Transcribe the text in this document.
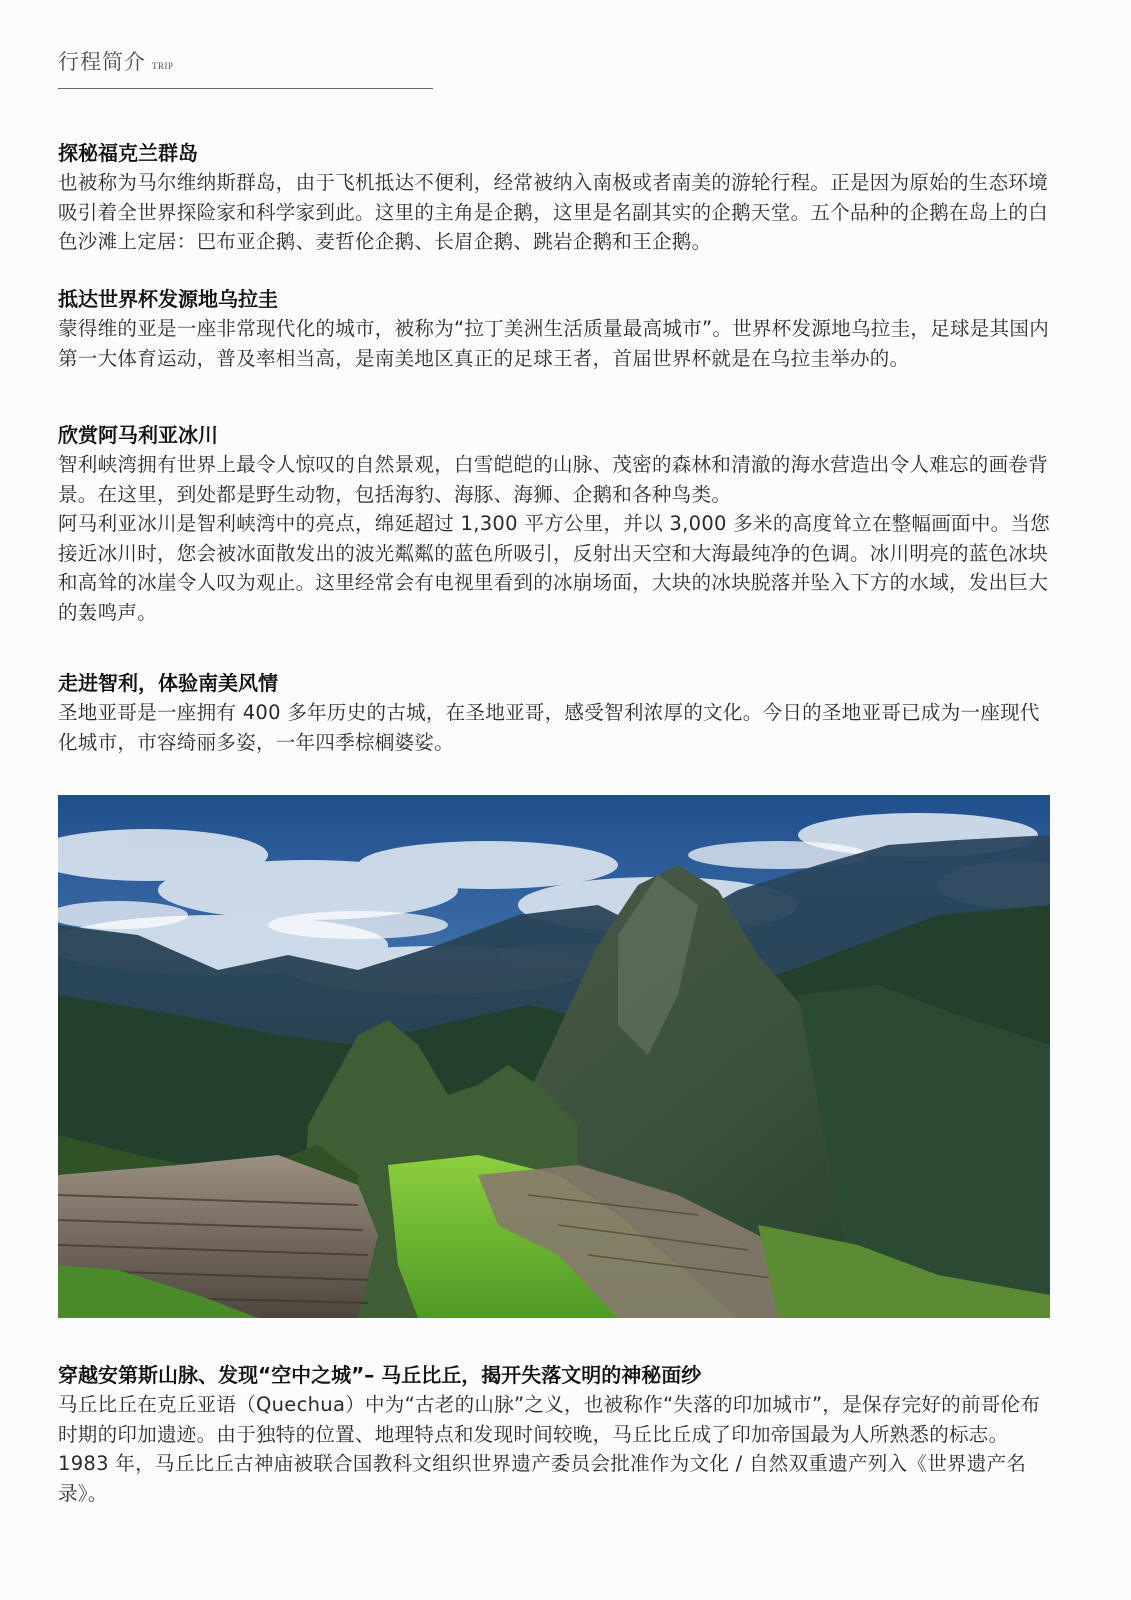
行程简介 TRIP
探秘福克兰群岛

也被称为马尔维纳斯群岛，由于飞机抵达不便利，经常被纳入南极或者南美的游轮行程。正是因为原始的生态环境吸引着全世界探险家和科学家到此。这里的主角是企鹅，这里是名副其实的企鹅天堂。五个品种的企鹅在岛上的白色沙滩上定居：巴布亚企鹅、麦哲伦企鹅、长眉企鹅、跳岩企鹅和王企鹅。

抵达世界杯发源地乌拉圭

蒙得维的亚是一座非常现代化的城市，被称为“拉丁美洲生活质量最高城市”。世界杯发源地乌拉圭，足球是其国内第一大体育运动，普及率相当高，是南美地区真正的足球王者，首届世界杯就是在乌拉圭举办的。

欣赏阿马利亚冰川

智利峡湾拥有世界上最令人惊叹的自然景观，白雪皑皑的山脉、茂密的森林和清澈的海水营造出令人难忘的画卷背景。在这里，到处都是野生动物，包括海豹、海豚、海狮、企鹅和各种鸟类。

阿马利亚冰川是智利峡湾中的亮点，绵延超过 1,300 平方公里，并以 3,000 多米的高度耸立在整幅画面中。当您接近冰川时，您会被冰面散发出的波光粼粼的蓝色所吸引，反射出天空和大海最纯净的色调。冰川明亮的蓝色冰块和高耸的冰崖令人叹为观止。这里经常会有电视里看到的冰崩场面，大块的冰块脱落并坠入下方的水域，发出巨大的轰鸣声。

走进智利，体验南美风情

圣地亚哥是一座拥有 400 多年历史的古城，在圣地亚哥，感受智利浓厚的文化。今日的圣地亚哥已成为一座现代化城市，市容绮丽多姿，一年四季棕榈婆娑。

穿越安第斯山脉、发现“空中之城”– 马丘比丘，揭开失落文明的神秘面纱

马丘比丘在克丘亚语（Quechua）中为“古老的山脉”之义，也被称作“失落的印加城市”，是保存完好的前哥伦布时期的印加遗迹。由于独特的位置、地理特点和发现时间较晚，马丘比丘成了印加帝国最为人所熟悉的标志。1983 年，马丘比丘古神庙被联合国教科文组织世界遗产委员会批准作为文化 / 自然双重遗产列入《世界遗产名录》。
